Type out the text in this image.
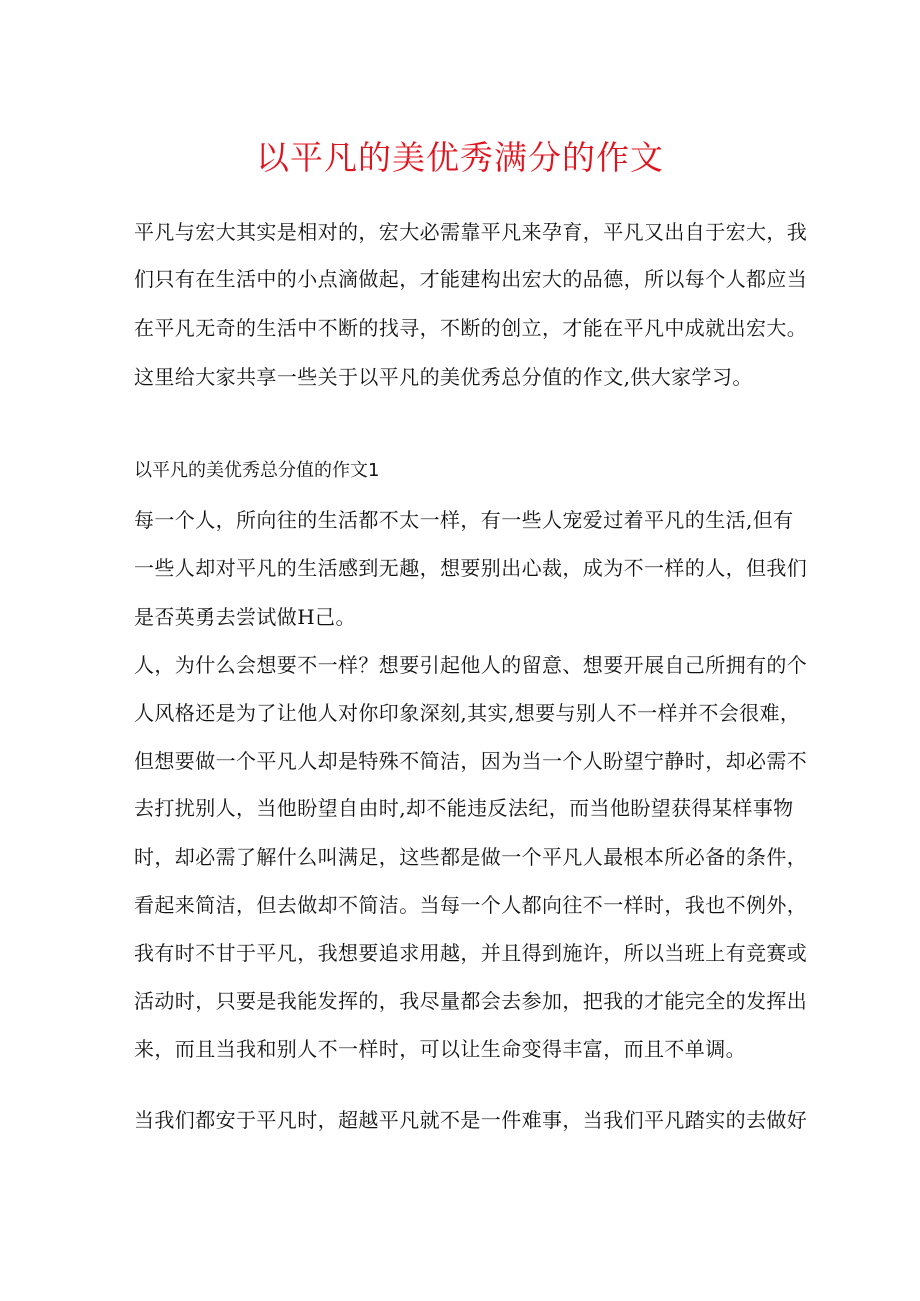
以平凡的美优秀满分的作文
平凡与宏大其实是相对的，宏大必需靠平凡来孕育，平凡又出自于宏大，我
们只有在生活中的小点滴做起，才能建构出宏大的品德，所以每个人都应当
在平凡无奇的生活中不断的找寻，不断的创立，才能在平凡中成就出宏大。
这里给大家共享一些关于以平凡的美优秀总分值的作文,供大家学习。
以平凡的美优秀总分值的作文1
每一个人，所向往的生活都不太一样，有一些人宠爱过着平凡的生活,但有
一些人却对平凡的生活感到无趣，想要别出心裁，成为不一样的人，但我们
是否英勇去尝试做H己。
人，为什么会想要不一样？想要引起他人的留意、想要开展自己所拥有的个
人风格还是为了让他人对你印象深刻,其实,想要与别人不一样并不会很难，
但想要做一个平凡人却是特殊不简洁，因为当一个人盼望宁静时，却必需不
去打扰别人，当他盼望自由时,却不能违反法纪，而当他盼望获得某样事物
时，却必需了解什么叫满足，这些都是做一个平凡人最根本所必备的条件，
看起来简洁，但去做却不简洁。当每一个人都向往不一样时，我也不例外，
我有时不甘于平凡，我想要追求用越，并且得到施许，所以当班上有竞赛或
活动时，只要是我能发挥的，我尽量都会去参加，把我的才能完全的发挥出
来，而且当我和别人不一样时，可以让生命变得丰富，而且不单调。
当我们都安于平凡时，超越平凡就不是一件难事，当我们平凡踏实的去做好
